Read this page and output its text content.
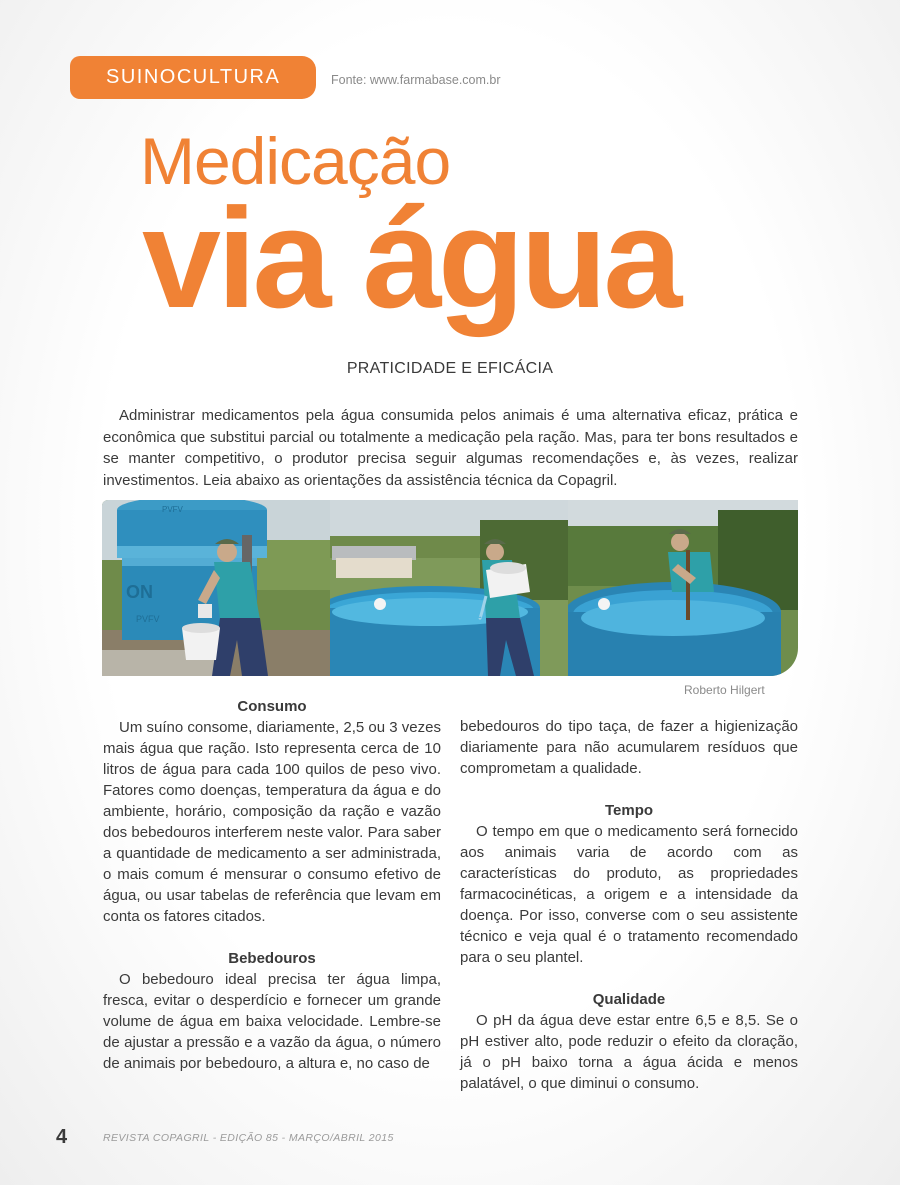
SUINOCULTURA	Fonte: www.farmabase.com.br
Medicação
via água
PRATICIDADE E EFICÁCIA

Administrar medicamentos pela água consumida pelos animais é uma alternativa eficaz, prática e econômica que substitui parcial ou totalmente a medicação pela ração. Mas, para ter bons resultados e se manter competitivo, o produtor precisa seguir algumas recomendações e, às vezes, realizar investimentos. Leia abaixo as orientações da assistência técnica da Copagril.

ON
PVFV
PVFV
Roberto Hilgert
Consumo

Um suíno consome, diariamente, 2,5 ou 3 vezes mais água que ração. Isto representa cerca de 10 litros de água para cada 100 quilos de peso vivo. Fatores como doenças, temperatura da água e do ambiente, horário, composição da ração e vazão dos bebedouros interferem neste valor. Para saber a quantidade de medicamento a ser administrada, o mais comum é mensurar o consumo efetivo de água, ou usar tabelas de referência que levam em conta os fatores citados.

Bebedouros

O bebedouro ideal precisa ter água limpa, fresca, evitar o desperdício e fornecer um grande volume de água em baixa velocidade. Lembre-se de ajustar a pressão e a vazão da água, o número de animais por bebedouro, a altura e, no caso de

bebedouros do tipo taça, de fazer a higienização diariamente para não acumularem resíduos que comprometam a qualidade.

Tempo

O tempo em que o medicamento será fornecido aos animais varia de acordo com as características do produto, as propriedades farmacocinéticas, a origem e a intensidade da doença. Por isso, converse com o seu assistente técnico e veja qual é o tratamento recomendado para o seu plantel.

Qualidade

O pH da água deve estar entre 6,5 e 8,5. Se o pH estiver alto, pode reduzir o efeito da cloração, já o pH baixo torna a água ácida e menos palatável, o que diminui o consumo.

4	REVISTA COPAGRIL - EDIÇÃO 85 - MARÇO/ABRIL 2015
